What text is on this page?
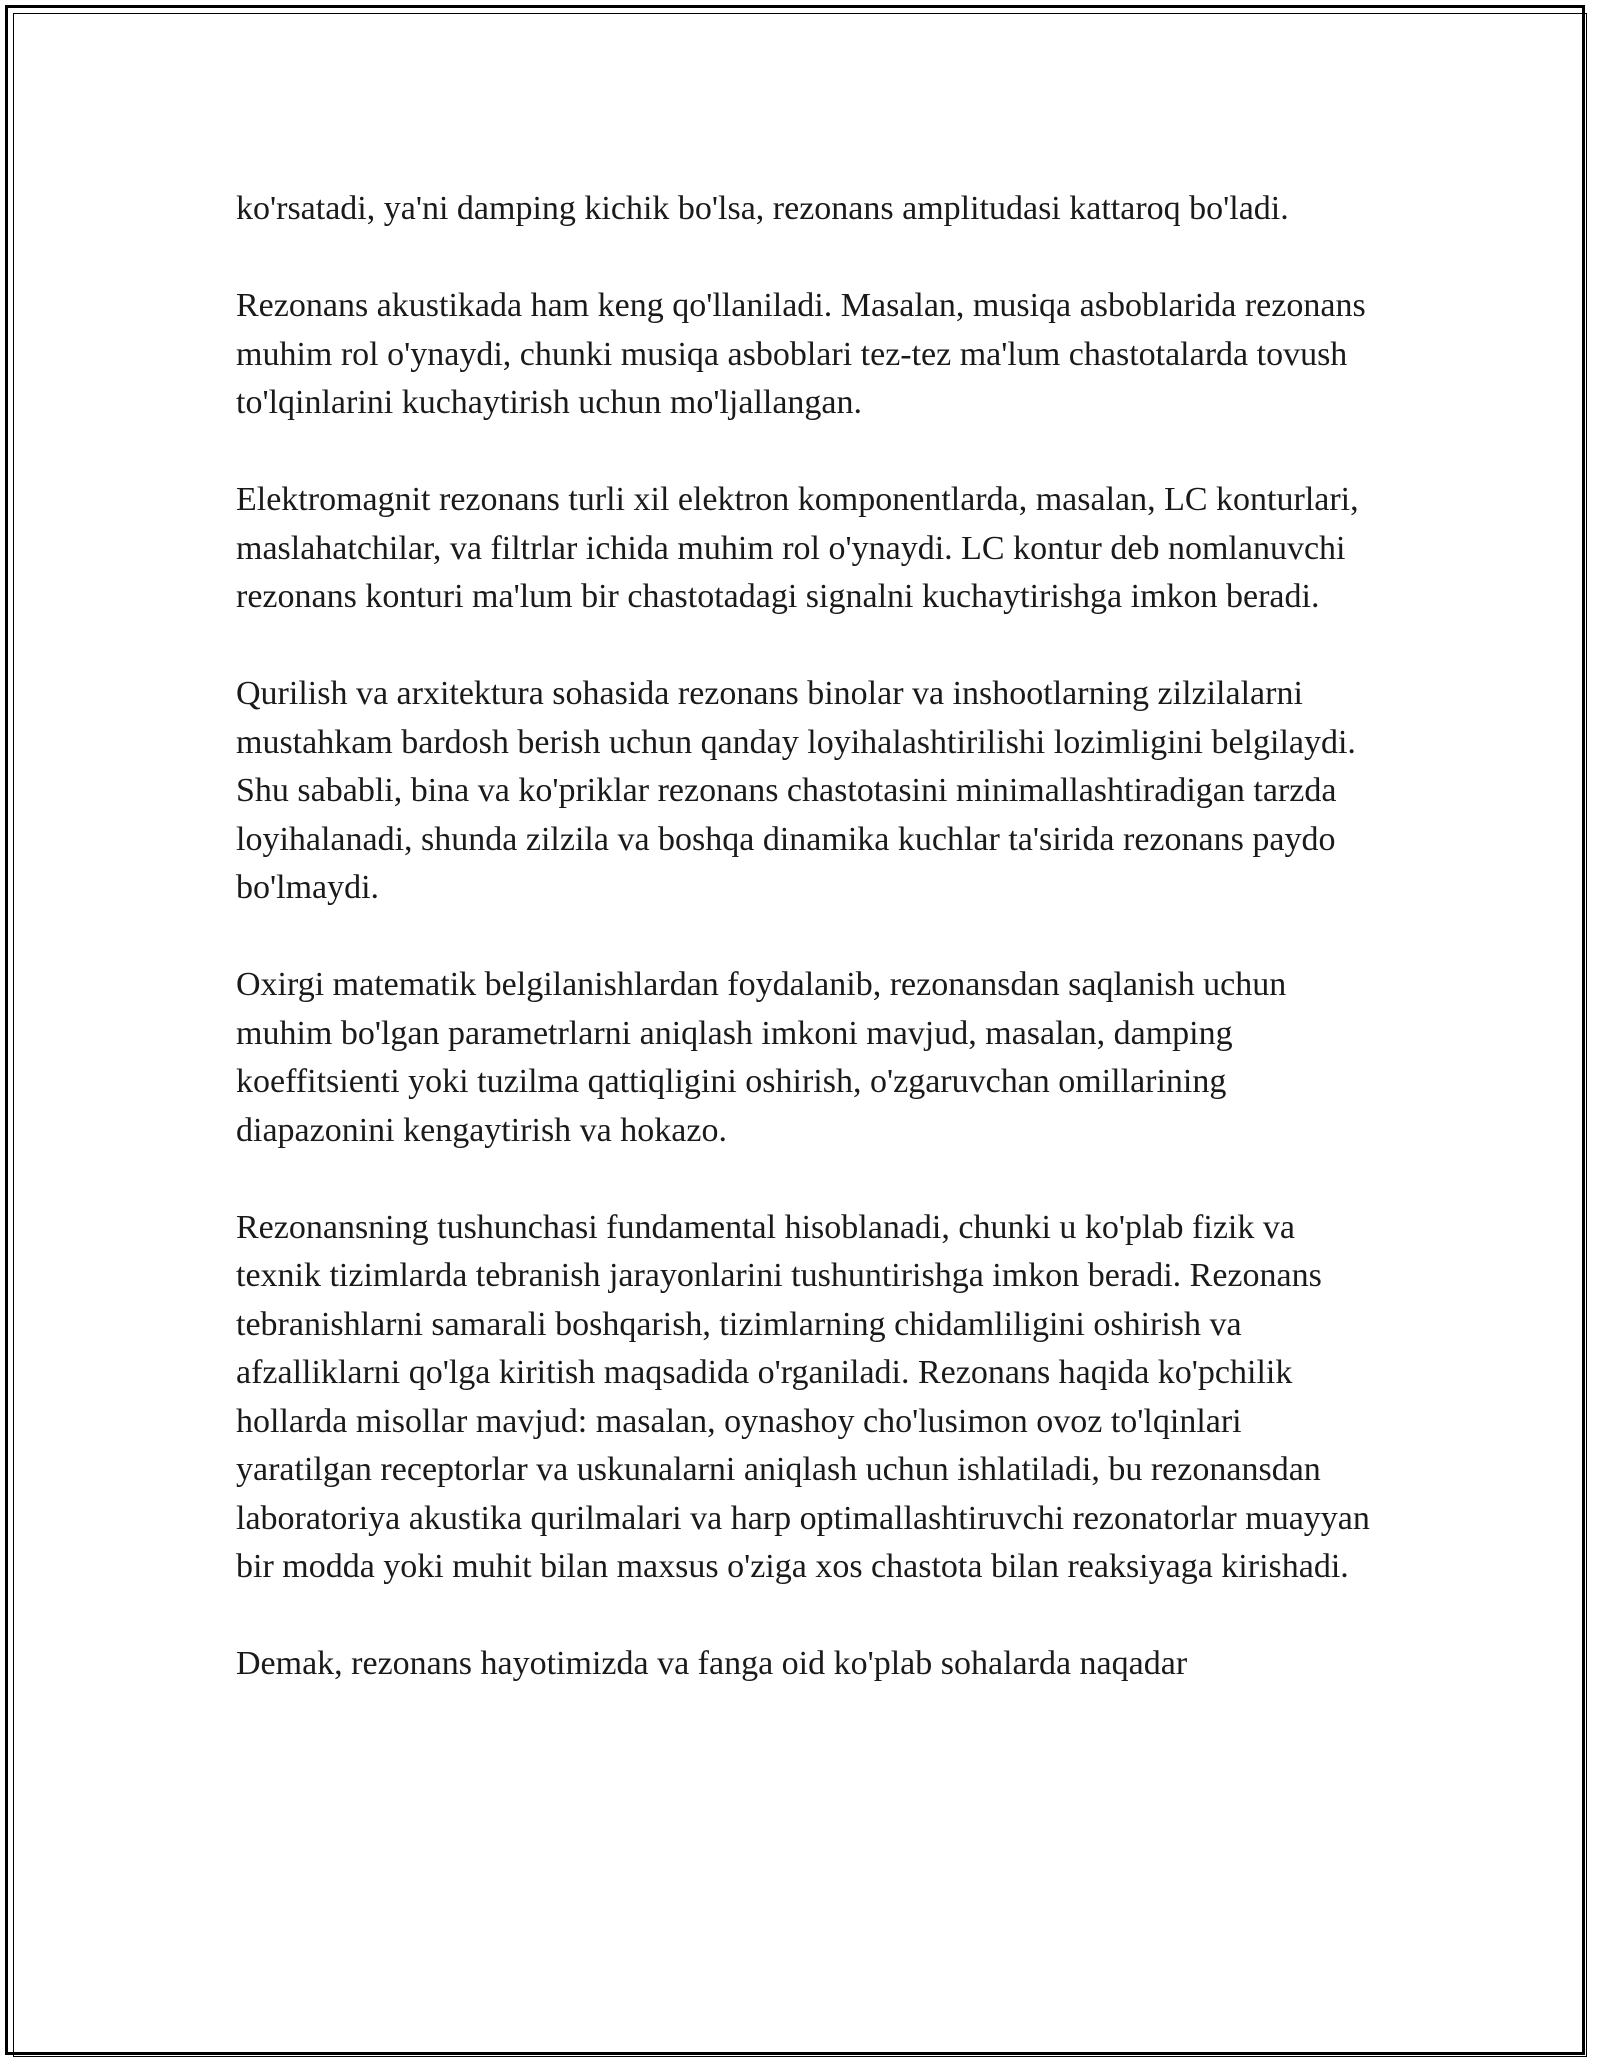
ko'rsatadi, ya'ni damping kichik bo'lsa, rezonans amplitudasi kattaroq bo'ladi.

Rezonans akustikada ham keng qo'llaniladi. Masalan, musiqa asboblarida rezonans muhim rol o'ynaydi, chunki musiqa asboblari tez-tez ma'lum chastotalarda tovush to'lqinlarini kuchaytirish uchun mo'ljallangan.

Elektromagnit rezonans turli xil elektron komponentlarda, masalan, LC konturlari, maslahatchilar, va filtrlar ichida muhim rol o'ynaydi. LC kontur deb nomlanuvchi rezonans konturi ma'lum bir chastotadagi signalni kuchaytirishga imkon beradi.

Qurilish va arxitektura sohasida rezonans binolar va inshootlarning zilzilalarni mustahkam bardosh berish uchun qanday loyihalashtirilishi lozimligini belgilaydi. Shu sababli, bina va ko'priklar rezonans chastotasini minimallashtiradigan tarzda loyihalanadi, shunda zilzila va boshqa dinamika kuchlar ta'sirida rezonans paydo bo'lmaydi.

Oxirgi matematik belgilanishlardan foydalanib, rezonansdan saqlanish uchun muhim bo'lgan parametrlarni aniqlash imkoni mavjud, masalan, damping koeffitsienti yoki tuzilma qattiqligini oshirish, o'zgaruvchan omillarining diapazonini kengaytirish va hokazo.

Rezonansning tushunchasi fundamental hisoblanadi, chunki u ko'plab fizik va texnik tizimlarda tebranish jarayonlarini tushuntirishga imkon beradi. Rezonans tebranishlarni samarali boshqarish, tizimlarning chidamliligini oshirish va afzalliklarni qo'lga kiritish maqsadida o'rganiladi. Rezonans haqida ko'pchilik hollarda misollar mavjud: masalan, oynashoy cho'lusimon ovoz to'lqinlari yaratilgan receptorlar va uskunalarni aniqlash uchun ishlatiladi, bu rezonansdan laboratoriya akustika qurilmalari va harp optimallashtiruvchi rezonatorlar muayyan bir modda yoki muhit bilan maxsus o'ziga xos chastota bilan reaksiyaga kirishadi.

Demak, rezonans hayotimizda va fanga oid ko'plab sohalarda naqadar
